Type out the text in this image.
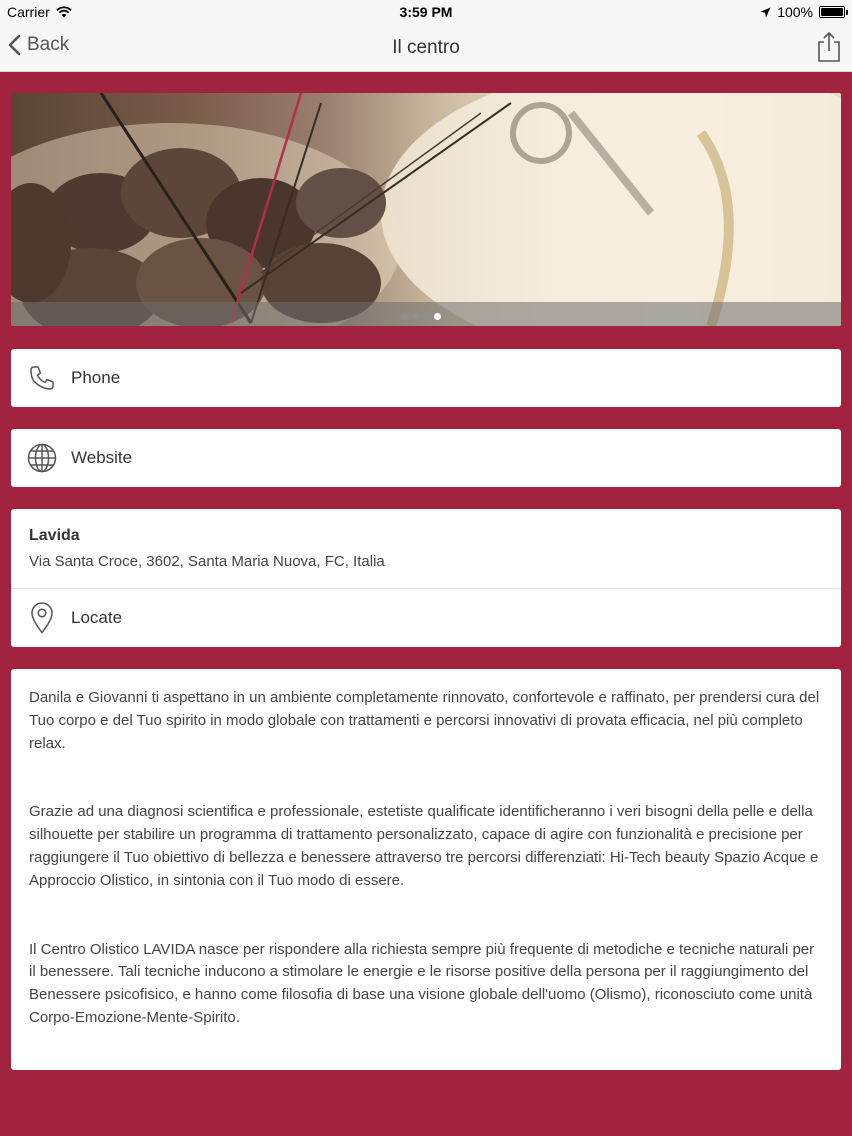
Carrier	3:59 PM	100%
Back	Il centro
Phone
Website
Lavida
Via Santa Croce, 3602, Santa Maria Nuova, FC, Italia
Locate

Danila e Giovanni ti aspettano in un ambiente completamente rinnovato, confortevole e raffinato, per prendersi cura del Tuo corpo e del Tuo spirito in modo globale con trattamenti e percorsi innovativi di provata efficacia, nel più completo relax.

Grazie ad una diagnosi scientifica e professionale, estetiste qualificate identificheranno i veri bisogni della pelle e della silhouette per stabilire un programma di trattamento personalizzato, capace di agire con funzionalità e precisione per raggiungere il Tuo obiettivo di bellezza e benessere attraverso tre percorsi differenziati: Hi-Tech beauty Spazio Acque e Approccio Olistico, in sintonia con il Tuo modo di essere.

Il Centro Olistico LAVIDA nasce per rispondere alla richiesta sempre più frequente di metodiche e tecniche naturali per il benessere. Tali tecniche inducono a stimolare le energie e le risorse positive della persona per il raggiungimento del Benessere psicofisico, e hanno come filosofia di base una visione globale dell'uomo (Olismo), riconosciuto come unità Corpo-Emozione-Mente-Spirito.
